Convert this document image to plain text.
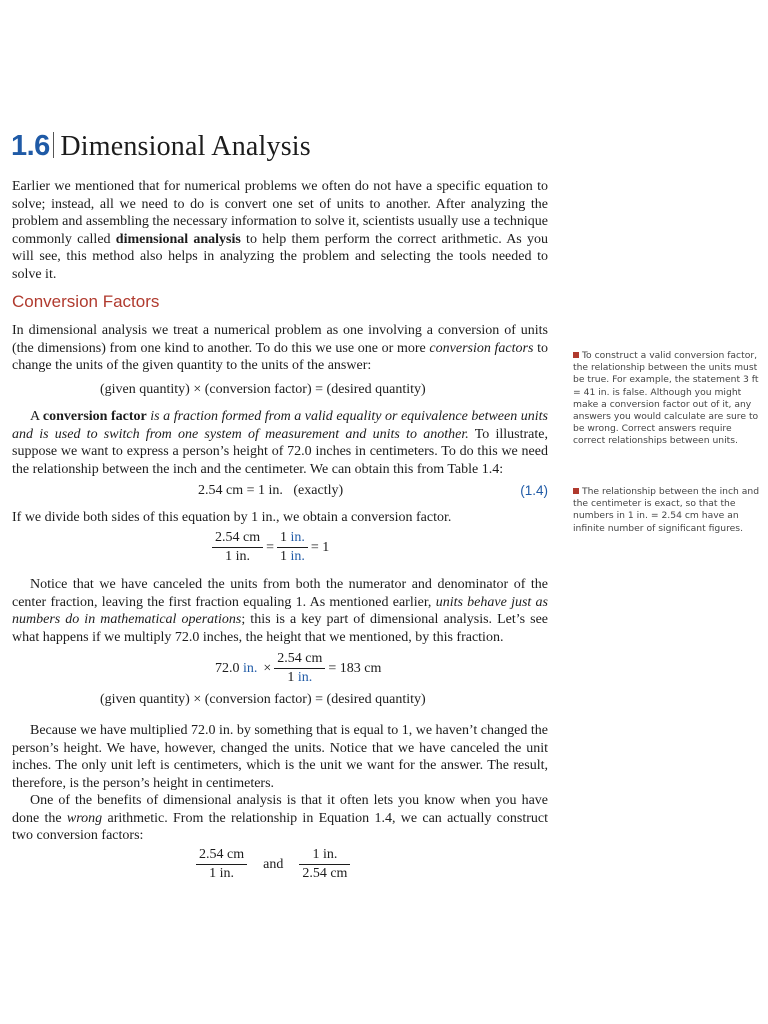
1.6 Dimensional Analysis

Earlier we mentioned that for numerical problems we often do not have a specific equation to solve; instead, all we need to do is convert one set of units to another. After analyzing the problem and assembling the necessary information to solve it, scientists usually use a technique commonly called dimensional analysis to help them perform the correct arithmetic. As you will see, this method also helps in analyzing the problem and selecting the tools needed to solve it.

Conversion Factors

In dimensional analysis we treat a numerical problem as one involving a conversion of units (the dimensions) from one kind to another. To do this we use one or more conversion factors to change the units of the given quantity to the units of the answer:

(given quantity) × (conversion factor) = (desired quantity)

A conversion factor is a fraction formed from a valid equality or equivalence between units and is used to switch from one system of measurement and units to another. To illustrate, suppose we want to express a person’s height of 72.0 inches in centimeters. To do this we need the relationship between the inch and the centimeter. We can obtain this from Table 1.4:

2.54 cm = 1 in. (exactly)	(1.4)

If we divide both sides of this equation by 1 in., we obtain a conversion factor.

$\frac{2.54 cm}{1 in.} = \frac{1 in.}{1 in.} = 1$

Notice that we have canceled the units from both the numerator and denominator of the center fraction, leaving the first fraction equaling 1. As mentioned earlier, units behave just as numbers do in mathematical operations; this is a key part of dimensional analysis. Let’s see what happens if we multiply 72.0 inches, the height that we mentioned, by this fraction.

72.0 in. × $\frac{2.54 cm}{1 in.} = 183$ cm
(given quantity) × (conversion factor) = (desired quantity)

Because we have multiplied 72.0 in. by something that is equal to 1, we haven’t changed the person’s height. We have, however, changed the units. Notice that we have canceled the unit inches. The only unit left is centimeters, which is the unit we want for the answer. The result, therefore, is the person’s height in centimeters.

One of the benefits of dimensional analysis is that it often lets you know when you have done the wrong arithmetic. From the relationship in Equation 1.4, we can actually construct two conversion factors:

$\frac{2.54 cm}{1 in.}$ and $\frac{1 in.}{2.54 cm}$
To construct a valid conversion factor, the relationship between the units must be true. For example, the statement 3 ft = 41 in. is false. Although you might make a conversion factor out of it, any answers you would calculate are sure to be wrong. Correct answers require correct relationships between units.
The relationship between the inch and the centimeter is exact, so that the numbers in 1 in. = 2.54 cm have an infinite number of significant figures.
